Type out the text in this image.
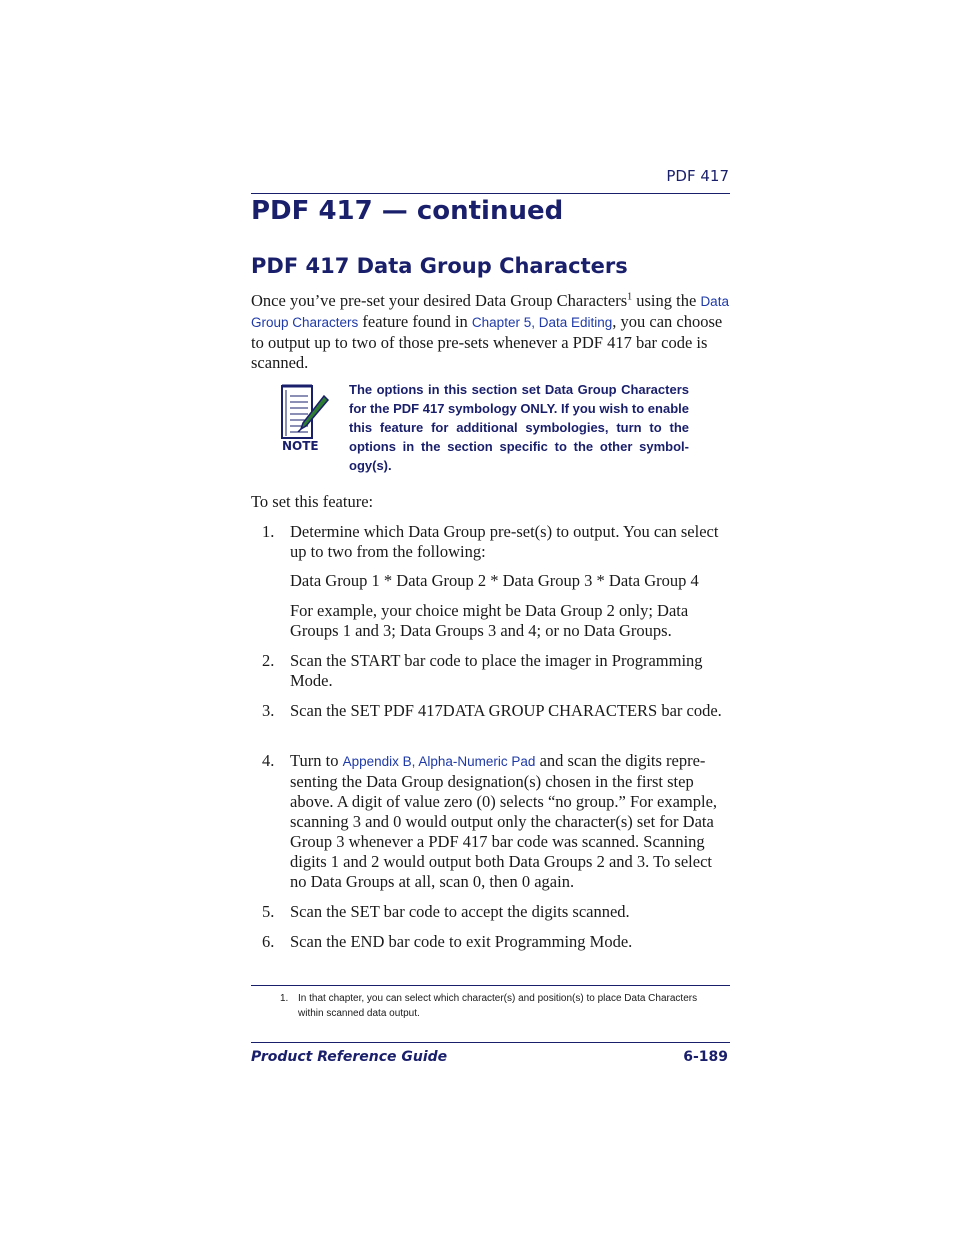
PDF 417
PDF 417 — continued
PDF 417 Data Group Characters
Once you’ve pre-set your desired Data Group Characters$^1$ using the Data Group Characters feature found in Chapter 5, Data Editing, you can choose to output up to two of those pre-sets whenever a PDF 417 bar code is scanned.
NOTE
The options in this section set Data Group Characters for the PDF 417 symbology ONLY. If you wish to enable this feature for additional symbologies, turn to the options in the section specific to the other symbol-ogy(s).
To set this feature:
1. Determine which Data Group pre-set(s) to output. You can select up to two from the following:
Data Group 1 * Data Group 2 * Data Group 3 * Data Group 4
For example, your choice might be Data Group 2 only; Data Groups 1 and 3; Data Groups 3 and 4; or no Data Groups.
2. Scan the START bar code to place the imager in Programming Mode.
3. Scan the SET PDF 417DATA GROUP CHARACTERS bar code.
4. Turn to Appendix B, Alpha-Numeric Pad and scan the digits repre-senting the Data Group designation(s) chosen in the first step above. A digit of value zero (0) selects “no group.” For example, scanning 3 and 0 would output only the character(s) set for Data Group 3 whenever a PDF 417 bar code was scanned. Scanning digits 1 and 2 would output both Data Groups 2 and 3. To select no Data Groups at all, scan 0, then 0 again.
5. Scan the SET bar code to accept the digits scanned.
6. Scan the END bar code to exit Programming Mode.
1. In that chapter, you can select which character(s) and position(s) to place Data Characters within scanned data output.
Product Reference Guide	6-189
